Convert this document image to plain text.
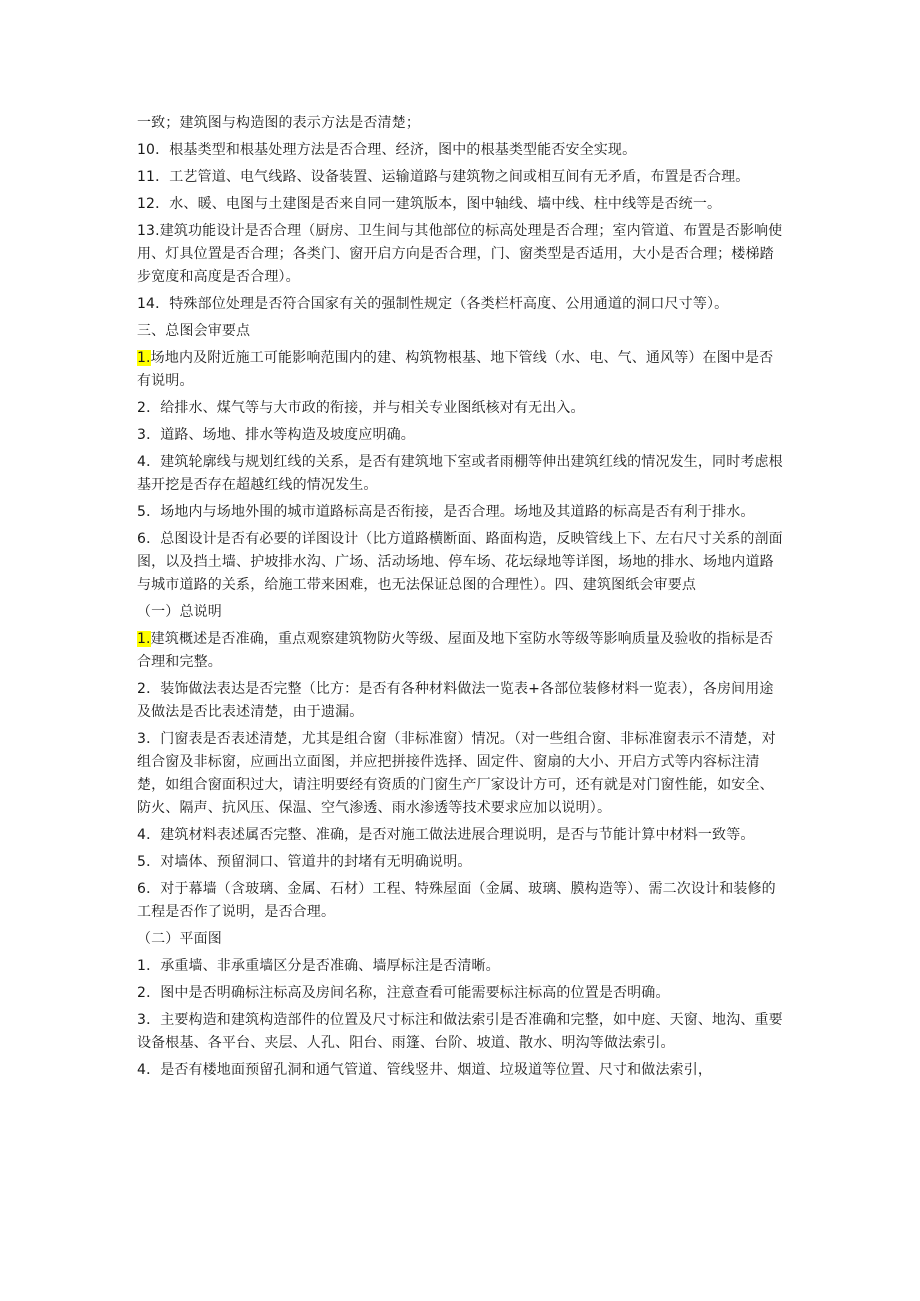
一致；建筑图与构造图的表示方法是否清楚；
10．根基类型和根基处理方法是否合理、经济，图中的根基类型能否安全实现。
11．工艺管道、电气线路、设备装置、运输道路与建筑物之间或相互间有无矛盾，布置是否合理。
12．水、暖、电图与土建图是否来自同一建筑版本，图中轴线、墙中线、柱中线等是否统一。
13.建筑功能设计是否合理（厨房、卫生间与其他部位的标高处理是否合理；室内管道、布置是否影响使用、灯具位置是否合理；各类门、窗开启方向是否合理，门、窗类型是否适用，大小是否合理；楼梯踏步宽度和高度是否合理）。
14．特殊部位处理是否符合国家有关的强制性规定（各类栏杆高度、公用通道的洞口尺寸等）。
三、总图会审要点
1.场地内及附近施工可能影响范围内的建、构筑物根基、地下管线（水、电、气、通风等）在图中是否有说明。
2．给排水、煤气等与大市政的衔接，并与相关专业图纸核对有无出入。
3．道路、场地、排水等构造及坡度应明确。
4．建筑轮廓线与规划红线的关系，是否有建筑地下室或者雨棚等伸出建筑红线的情况发生，同时考虑根基开挖是否存在超越红线的情况发生。
5．场地内与场地外围的城市道路标高是否衔接，是否合理。场地及其道路的标高是否有利于排水。
6．总图设计是否有必要的详图设计（比方道路横断面、路面构造，反映管线上下、左右尺寸关系的剖面图，以及挡土墙、护坡排水沟、广场、活动场地、停车场、花坛绿地等详图，场地的排水、场地内道路与城市道路的关系，给施工带来困难，也无法保证总图的合理性）。四、建筑图纸会审要点
（一）总说明
1.建筑概述是否准确，重点观察建筑物防火等级、屋面及地下室防水等级等影响质量及验收的指标是否合理和完整。
2．装饰做法表达是否完整（比方：是否有各种材料做法一览表+各部位装修材料一览表），各房间用途及做法是否比表述清楚，由于遗漏。
3．门窗表是否表述清楚，尤其是组合窗（非标准窗）情况。（对一些组合窗、非标准窗表示不清楚，对组合窗及非标窗，应画出立面图，并应把拼接件选择、固定件、窗扇的大小、开启方式等内容标注清楚，如组合窗面积过大，请注明要经有资质的门窗生产厂家设计方可，还有就是对门窗性能，如安全、防火、隔声、抗风压、保温、空气渗透、雨水渗透等技术要求应加以说明）。
4．建筑材料表述属否完整、准确，是否对施工做法进展合理说明，是否与节能计算中材料一致等。
5．对墙体、预留洞口、管道井的封堵有无明确说明。
6．对于幕墙（含玻璃、金属、石材）工程、特殊屋面（金属、玻璃、膜构造等）、需二次设计和装修的工程是否作了说明，是否合理。
（二）平面图
1．承重墙、非承重墙区分是否准确、墙厚标注是否清晰。
2．图中是否明确标注标高及房间名称，注意查看可能需要标注标高的位置是否明确。
3．主要构造和建筑构造部件的位置及尺寸标注和做法索引是否准确和完整，如中庭、天窗、地沟、重要设备根基、各平台、夹层、人孔、阳台、雨篷、台阶、坡道、散水、明沟等做法索引。
4．是否有楼地面预留孔洞和通气管道、管线竖井、烟道、垃圾道等位置、尺寸和做法索引，
